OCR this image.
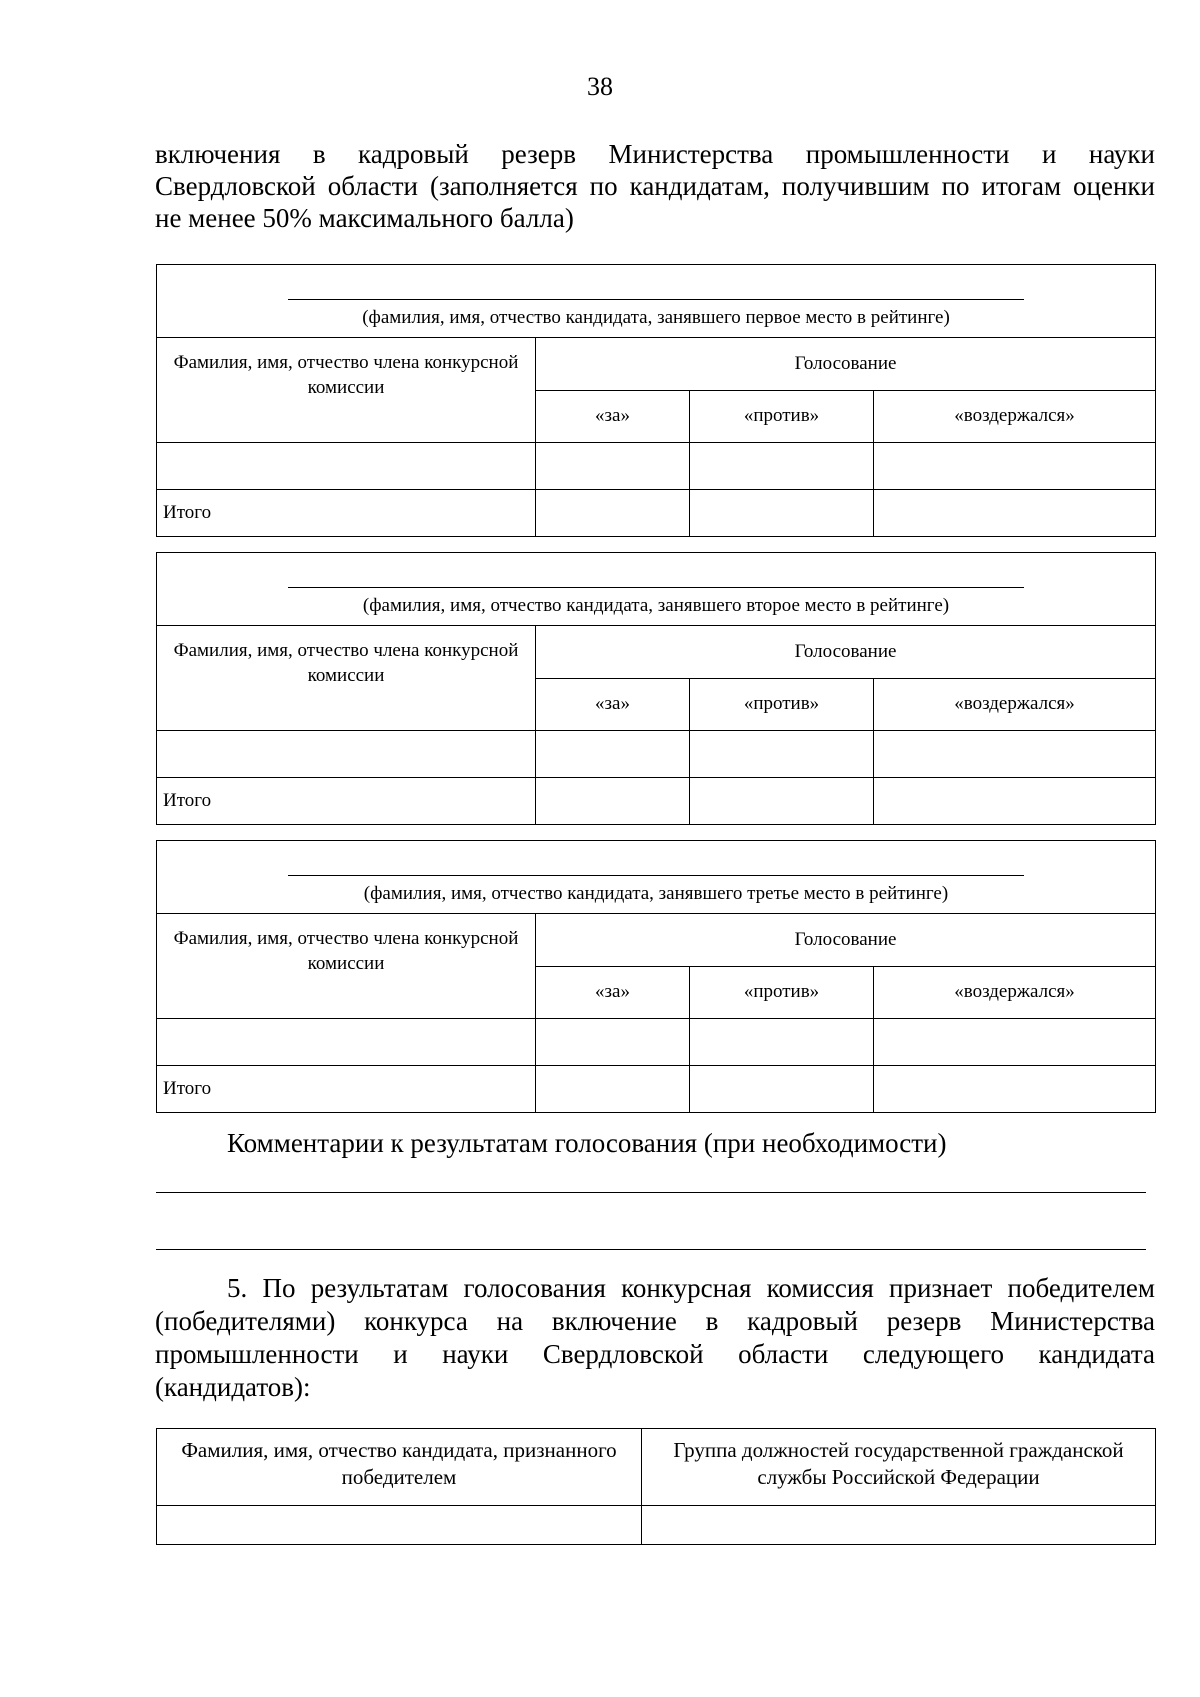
38
включения в кадровый резерв Министерства промышленности и науки
Свердловской области (заполняется по кандидатам, получившим по итогам оценки
не менее 50% максимального балла)
(фамилия, имя, отчество кандидата, занявшего первое место в рейтинге)			

Фамилия, имя, отчество члена конкурсной комиссии	Голосование		
	«за»	«против»	«воздержался»

Итого			
(фамилия, имя, отчество кандидата, занявшего второе место в рейтинге)			

Фамилия, имя, отчество члена конкурсной комиссии	Голосование		
	«за»	«против»	«воздержался»

Итого			
(фамилия, имя, отчество кандидата, занявшего третье место в рейтинге)			

Фамилия, имя, отчество члена конкурсной комиссии	Голосование		
	«за»	«против»	«воздержался»

Итого			
Комментарии к результатам голосования (при необходимости)
5. По результатам голосования конкурсная комиссия признает победителем
(победителями) конкурса на включение в кадровый резерв Министерства
промышленности и науки Свердловской области следующего кандидата
(кандидатов):
Фамилия, имя, отчество кандидата, признанного победителем	Группа должностей государственной гражданской службы Российской Федерации
